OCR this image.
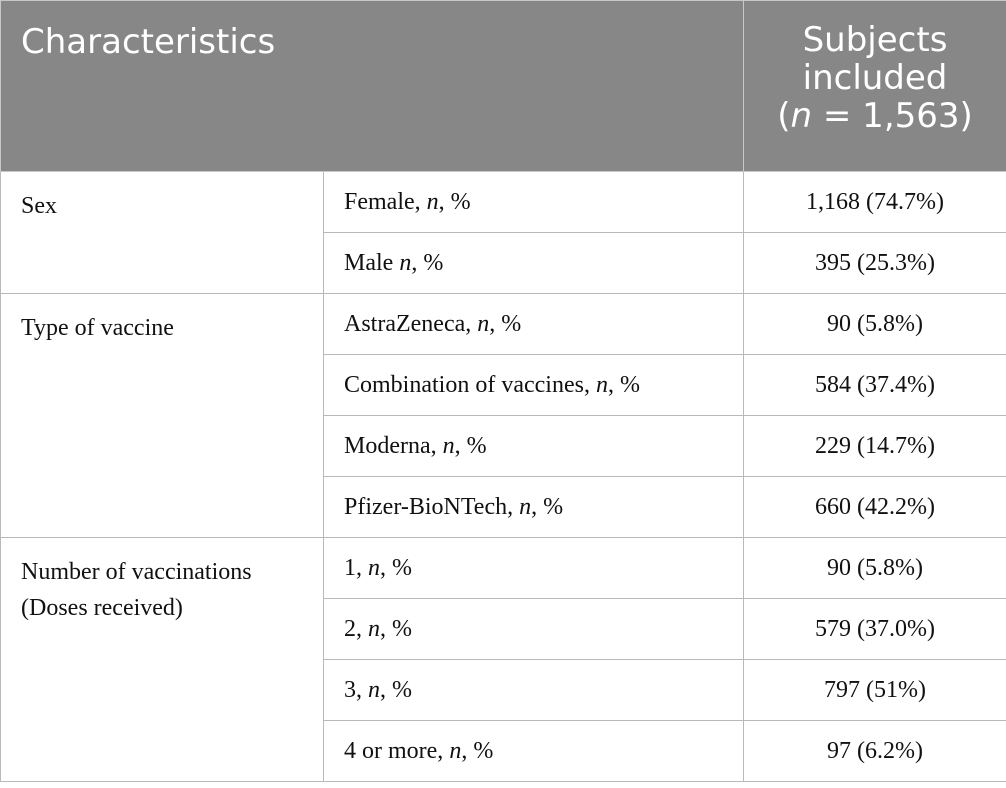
Characteristics		Subjects
included
(n = 1,563)

Sex	Female, n, %	1,168 (74.7%)
	Male n, %	395 (25.3%)

Type of vaccine	AstraZeneca, n, %	90 (5.8%)
	Combination of vaccines, n, %	584 (37.4%)
	Moderna, n, %	229 (14.7%)
	Pfizer-BioNTech, n, %	660 (42.2%)

Number of vaccinations
(Doses received)	1, n, %	90 (5.8%)
	2, n, %	579 (37.0%)
	3, n, %	797 (51%)
	4 or more, n, %	97 (6.2%)
